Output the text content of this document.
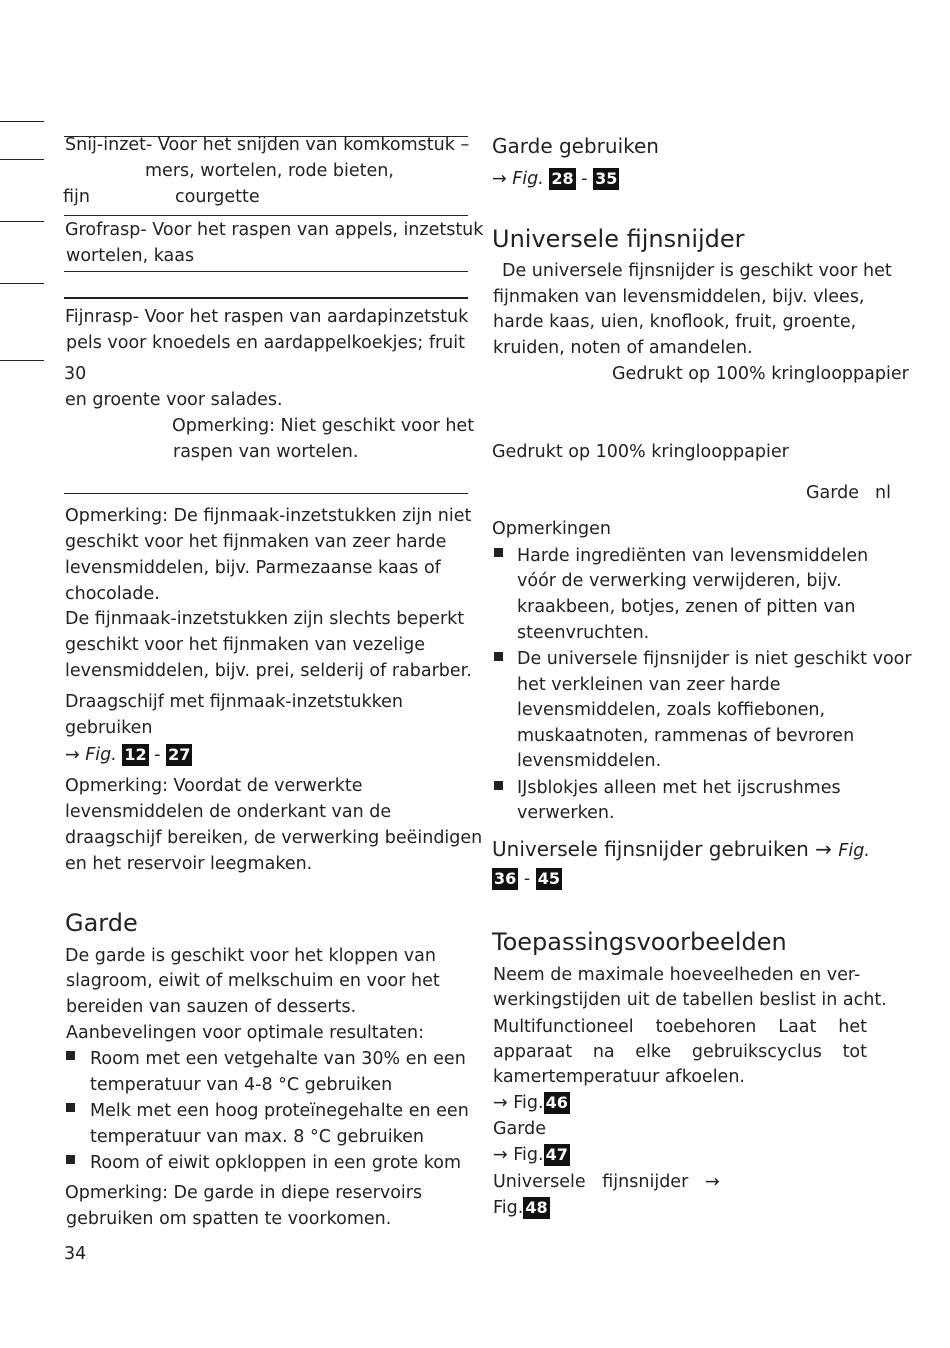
Snij-inzet- Voor het snijden van komkomstuk –
mers, wortelen, rode bieten,
fijn	courgette
Grofrasp- Voor het raspen van appels, inzetstuk
wortelen, kaas
Fijnrasp- Voor het raspen van aardapinzetstuk
pels voor knoedels en aardappelkoekjes; fruit
30
en groente voor salades.
Opmerking: Niet geschikt voor het
raspen van wortelen.
Opmerking: De fijnmaak-inzetstukken zijn niet
geschikt voor het fijnmaken van zeer harde
levensmiddelen, bijv. Parmezaanse kaas of
chocolade.
De fijnmaak-inzetstukken zijn slechts beperkt
geschikt voor het fijnmaken van vezelige
levensmiddelen, bijv. prei, selderij of rabarber.
Draagschijf met fijnmaak-inzetstukken
gebruiken
→ Fig. 12 - 27
Opmerking: Voordat de verwerkte
levensmiddelen de onderkant van de
draagschijf bereiken, de verwerking beëindigen
en het reservoir leegmaken.
Garde
De garde is geschikt voor het kloppen van
slagroom, eiwit of melkschuim en voor het
bereiden van sauzen of desserts.
Aanbevelingen voor optimale resultaten:
Room met een vetgehalte van 30% en een
temperatuur van 4-8 °C gebruiken
Melk met een hoog proteïnegehalte en een
temperatuur van max. 8 °C gebruiken
Room of eiwit opkloppen in een grote kom
Opmerking: De garde in diepe reservoirs
gebruiken om spatten te voorkomen.
34
Garde gebruiken
→ Fig. 28 - 35
Universele fijnsnijder
De universele fijnsnijder is geschikt voor het
fijnmaken van levensmiddelen, bijv. vlees,
harde kaas, uien, knoflook, fruit, groente,
kruiden, noten of amandelen.
Gedrukt op 100% kringlooppapier
Gedrukt op 100% kringlooppapier
Garde nl
Opmerkingen
Harde ingrediënten van levensmiddelen
vóór de verwerking verwijderen, bijv.
kraakbeen, botjes, zenen of pitten van
steenvruchten.
De universele fijnsnijder is niet geschikt voor
het verkleinen van zeer harde
levensmiddelen, zoals koffiebonen,
muskaatnoten, rammenas of bevroren
levensmiddelen.
IJsblokjes alleen met het ijscrushmes
verwerken.
Universele fijnsnijder gebruiken → Fig.
36 - 45
Toepassingsvoorbeelden
Neem de maximale hoeveelheden en ver-
werkingstijden uit de tabellen beslist in acht.
Multifunctioneel toebehoren Laat het
apparaat na elke gebruikscyclus tot
kamertemperatuur afkoelen.
→ Fig. 46
Garde
→ Fig. 47
Universele   fijnsnijder   →
Fig. 48
